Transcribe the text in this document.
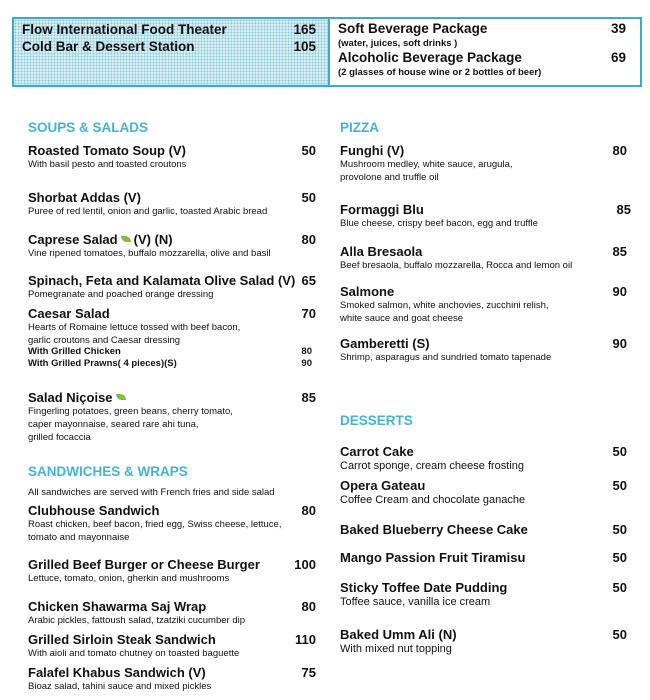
Flow International Food Theater	165
Cold Bar & Dessert Station	105
Soft Beverage Package	39
(water, juices, soft drinks )
Alcoholic Beverage Package	69
(2 glasses of house wine or 2 bottles of beer)
SOUPS & SALADS
Roasted Tomato Soup (V)	50
With basil pesto and toasted croutons
Shorbat Addas (V)	50
Puree of red lentil, onion and garlic, toasted Arabic bread
Caprese Salad (V) (N)	80
Vine ripened tomatoes, buffalo mozzarella, olive and basil
Spinach, Feta and Kalamata Olive Salad (V) 65
Pomegranate and poached orange dressing
Caesar Salad	70
Hearts of Romaine lettuce tossed with beef bacon,
garlic croutons and Caesar dressing
With Grilled Chicken	80
With Grilled Prawns( 4 pieces)(S)	90
Salad Niçoise	85
Fingerling potatoes, green beans, cherry tomato,
caper mayonnaise, seared rare ahi tuna,
grilled focaccia
SANDWICHES & WRAPS
All sandwiches are served with French fries and side salad
Clubhouse Sandwich	80
Roast chicken, beef bacon, fried egg, Swiss cheese, lettuce,
tomato and mayonnaise
Grilled Beef Burger or Cheese Burger	100
Lettuce, tomato, onion, gherkin and mushrooms
Chicken Shawarma Saj Wrap	80
Arabic pickles, fattoush salad, tzatziki cucumber dip
Grilled Sirloin Steak Sandwich	110
With aioli and tomato chutney on toasted baguette
Falafel Khabus Sandwich (V)	75
Bioaz salad, tahini sauce and mixed pickles
PIZZA
Funghi (V)	80
Mushroom medley, white sauce, arugula,
provolone and truffle oil
Formaggi Blu	85
Blue cheese, crispy beef bacon, egg and truffle
Alla Bresaola	85
Beef bresaola, buffalo mozzarella, Rocca and lemon oil
Salmone	90
Smoked salmon, white anchovies, zucchini relish,
white sauce and goat cheese
Gamberetti (S)	90
Shrimp, asparagus and sundried tomato tapenade
DESSERTS
Carrot Cake	50
Carrot sponge, cream cheese frosting
Opera Gateau	50
Coffee Cream and chocolate ganache
Baked Blueberry Cheese Cake	50
Mango Passion Fruit Tiramisu	50
Sticky Toffee Date Pudding	50
Toffee sauce, vanilla ice cream
Baked Umm Ali (N)	50
With mixed nut topping
